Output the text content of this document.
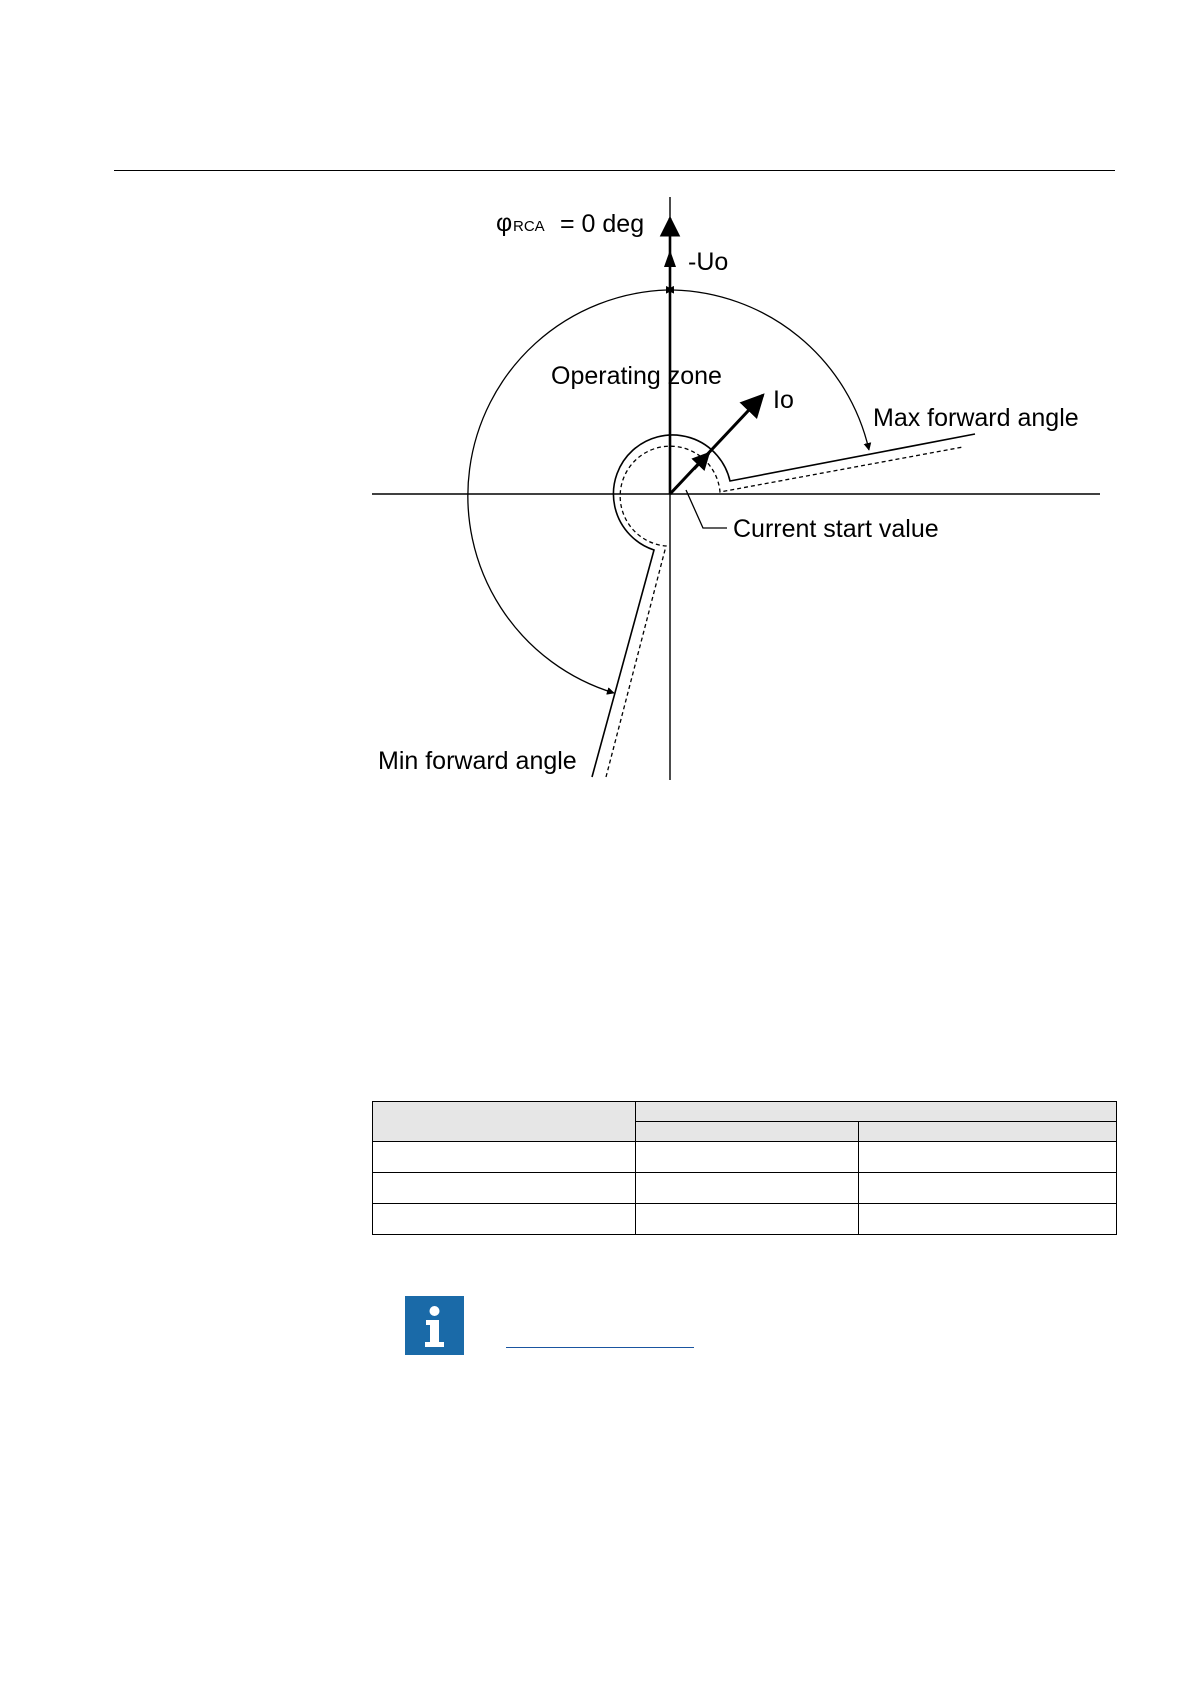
φ RCA = 0 deg
-Uo
Operating zone
Io
Max forward angle
Current start value
Min forward angle
